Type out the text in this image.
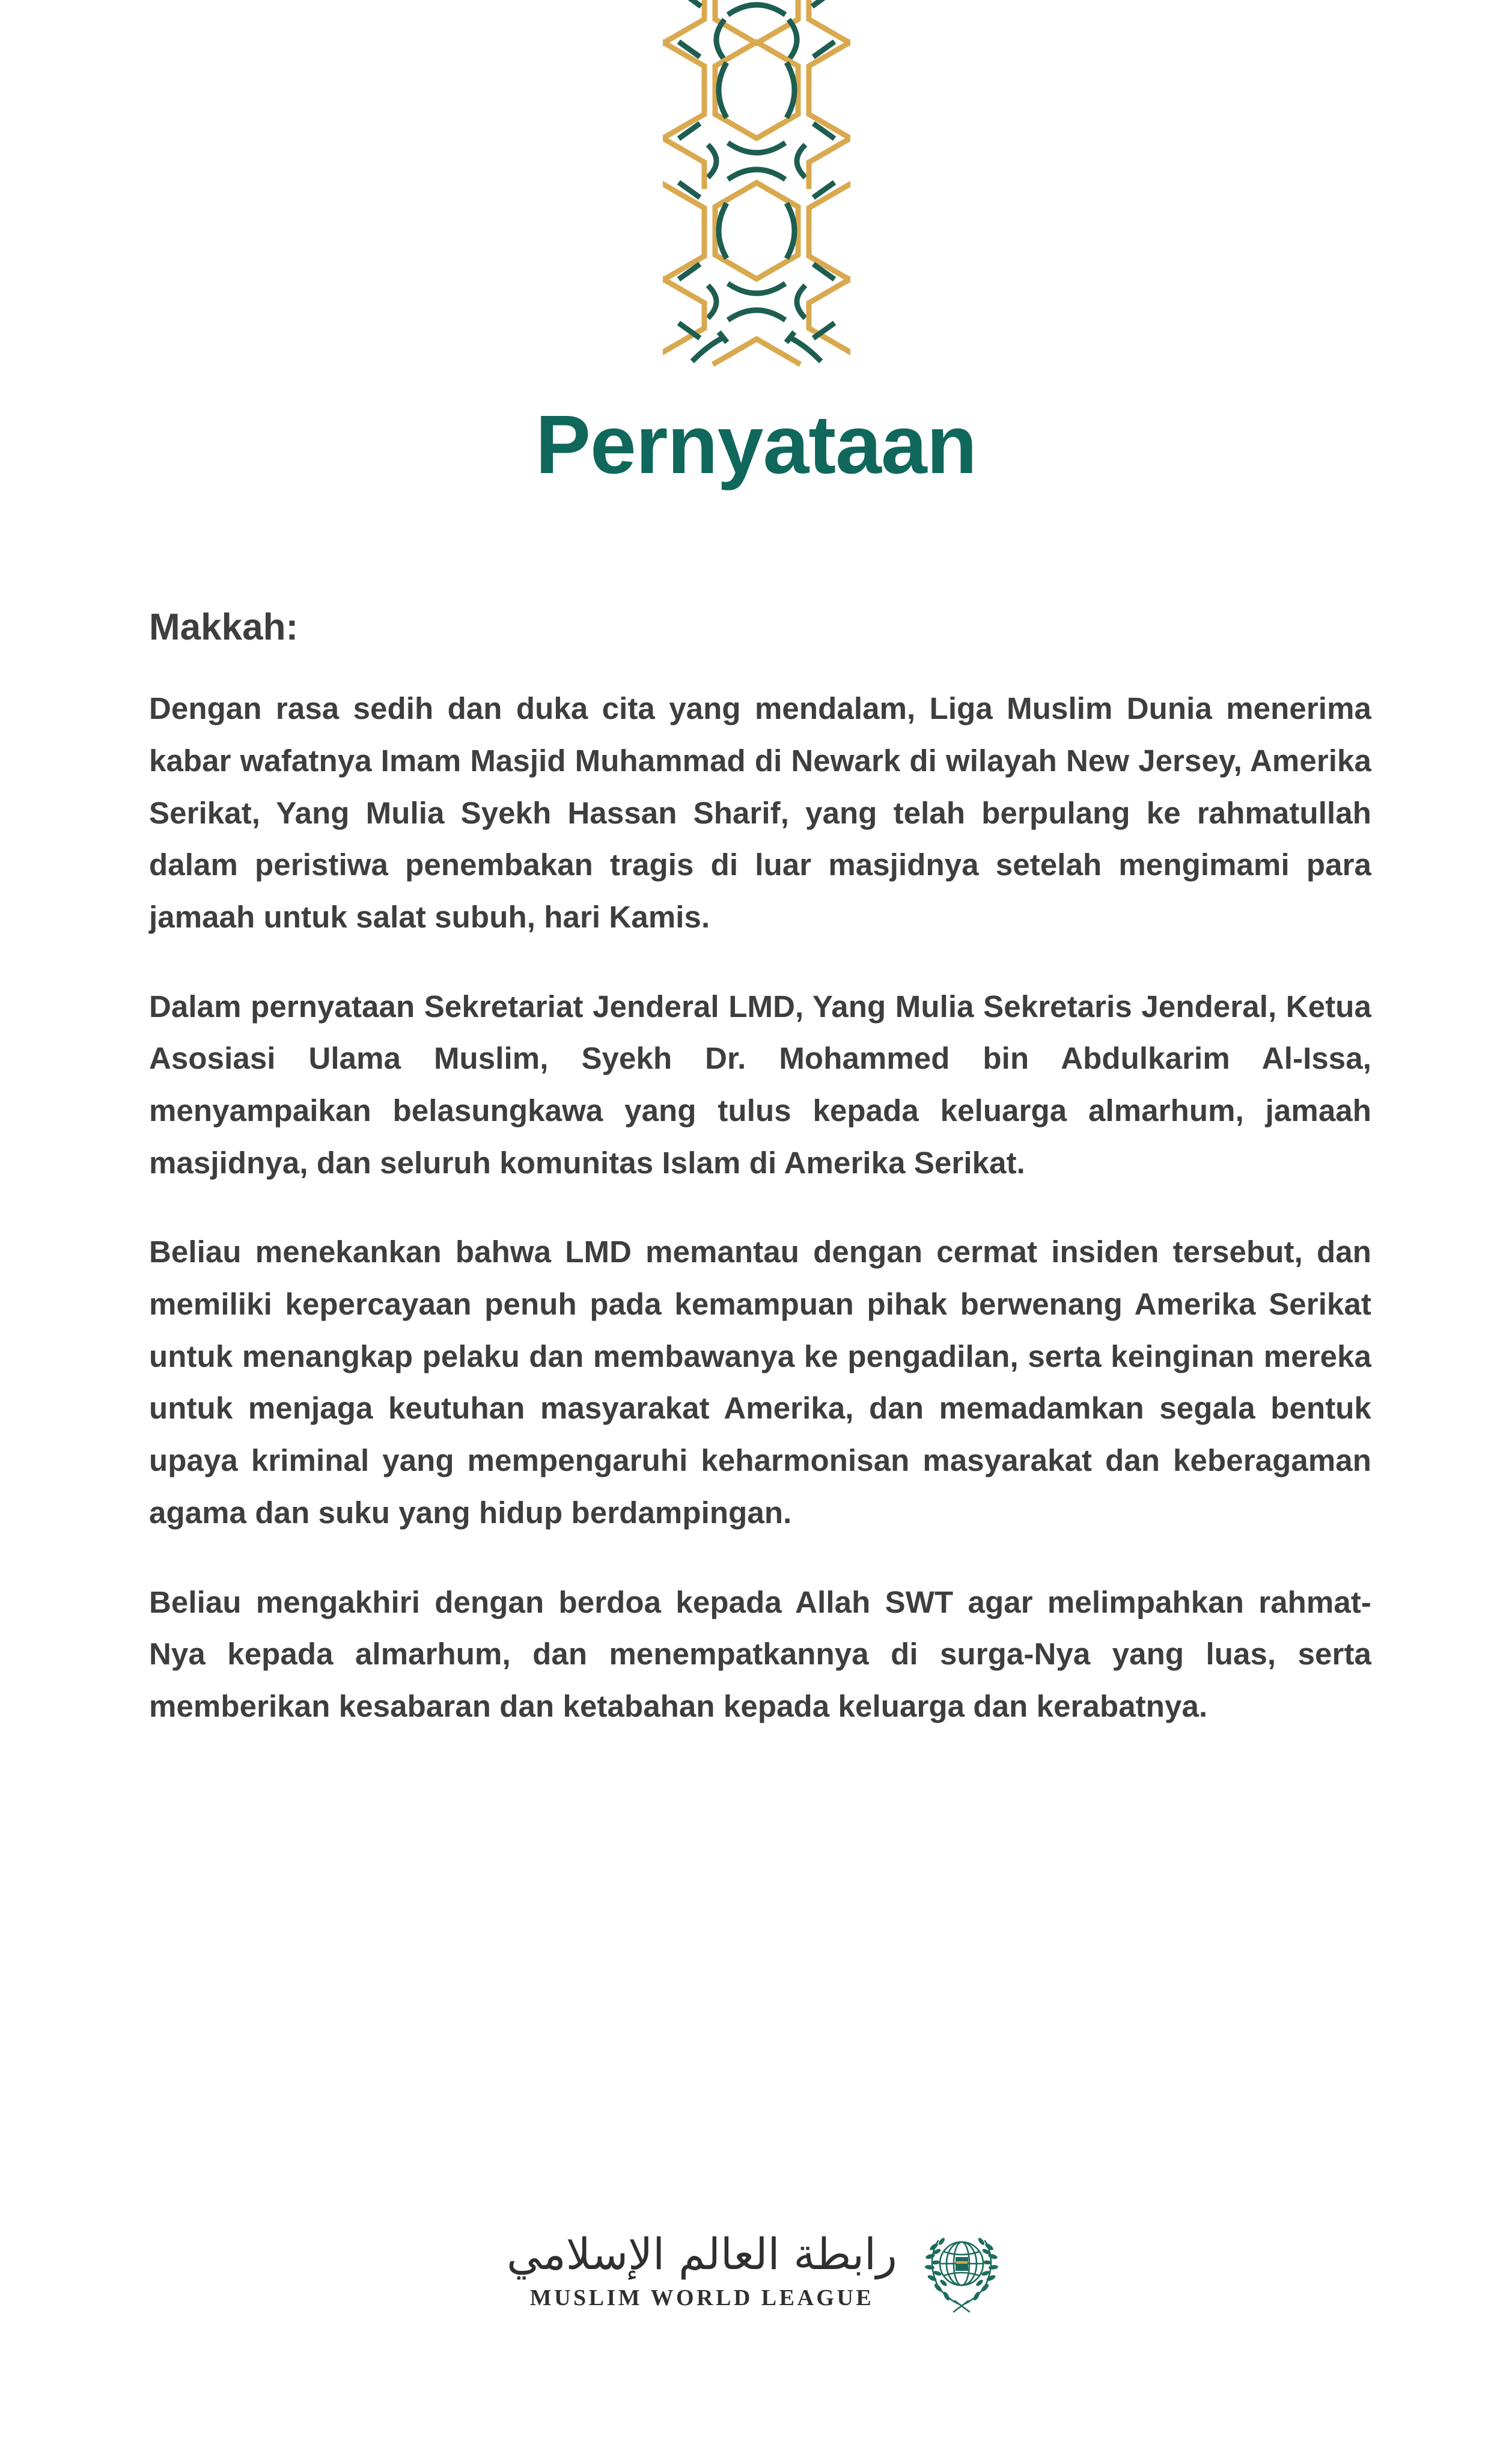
Pernyataan
Makkah:

Dengan rasa sedih dan duka cita yang mendalam, Liga Muslim Dunia menerima kabar wafatnya Imam Masjid Muhammad di Newark di wilayah New Jersey, Amerika Serikat, Yang Mulia Syekh Hassan Sharif, yang telah berpulang ke rahmatullah dalam peristiwa penembakan tragis di luar masjidnya setelah mengimami para jamaah untuk salat subuh, hari Kamis.

Dalam pernyataan Sekretariat Jenderal LMD, Yang Mulia Sekretaris Jenderal, Ketua Asosiasi Ulama Muslim, Syekh Dr. Mohammed bin Abdulkarim Al-Issa, menyampaikan belasungkawa yang tulus kepada keluarga almarhum, jamaah masjidnya, dan seluruh komunitas Islam di Amerika Serikat.

Beliau menekankan bahwa LMD memantau dengan cermat insiden tersebut, dan memiliki kepercayaan penuh pada kemampuan pihak berwenang Amerika Serikat untuk menangkap pelaku dan membawanya ke pengadilan, serta keinginan mereka untuk menjaga keutuhan masyarakat Amerika, dan memadamkan segala bentuk upaya kriminal yang mempengaruhi keharmonisan masyarakat dan keberagaman agama dan suku yang hidup berdampingan.

Beliau mengakhiri dengan berdoa kepada Allah SWT agar melimpahkan rahmat-Nya kepada almarhum, dan menempatkannya di surga-Nya yang luas, serta memberikan kesabaran dan ketabahan kepada keluarga dan kerabatnya.

رابطة العالم الإسلامي
MUSLIM WORLD LEAGUE
